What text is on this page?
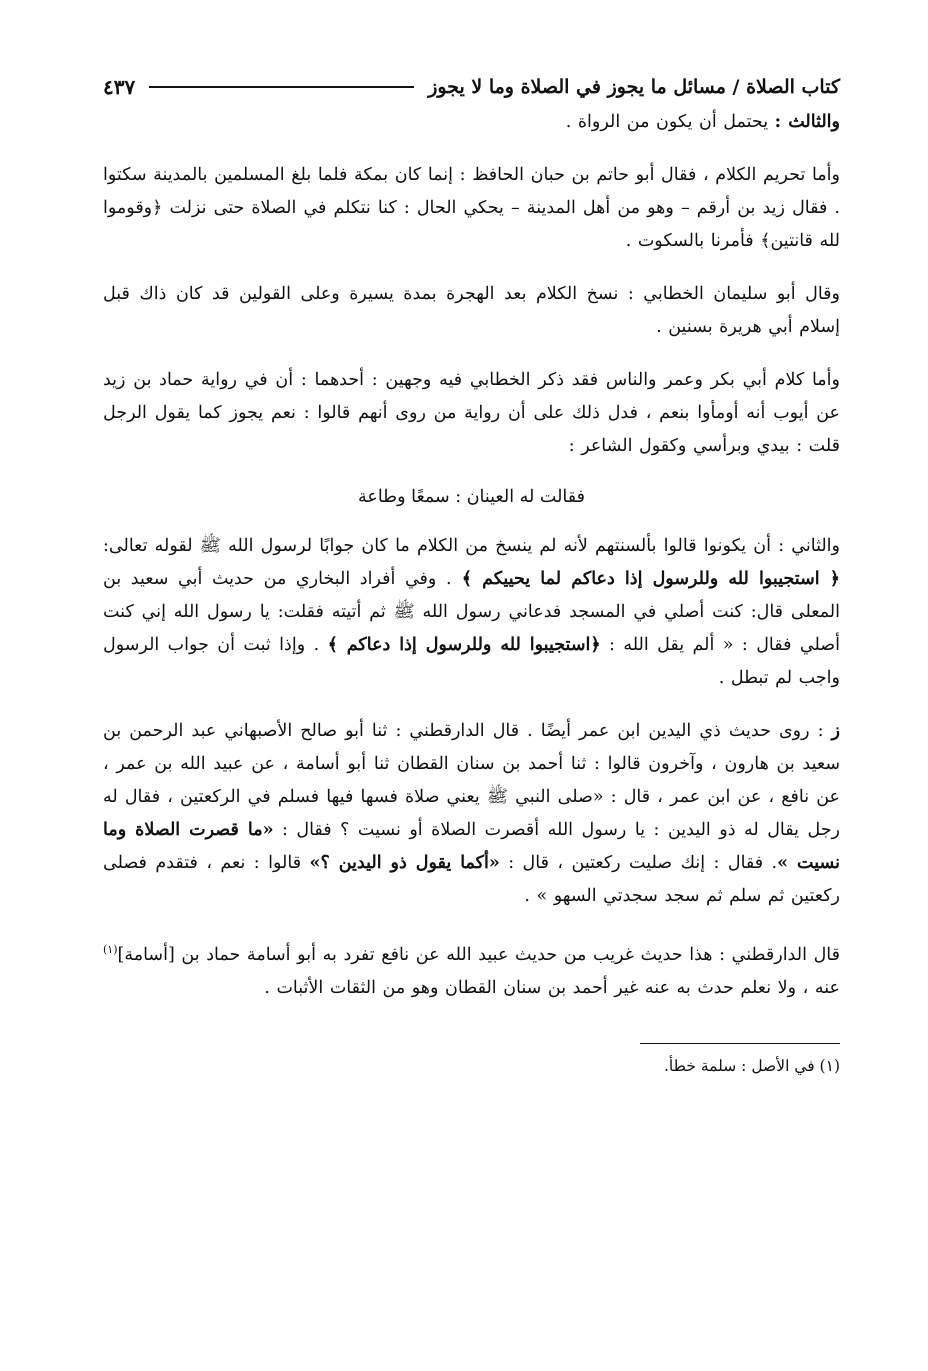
كتاب الصلاة / مسائل ما يجوز في الصلاة وما لا يجوز
٤٣٧

والثالث : يحتمل أن يكون من الرواة .

وأما تحريم الكلام ، فقال أبو حاتم بن حبان الحافظ : إنما كان بمكة فلما بلغ المسلمين بالمدينة سكتوا . فقال زيد بن أرقم – وهو من أهل المدينة – يحكي الحال : كنا نتكلم في الصلاة حتى نزلت ﴿وقوموا لله قانتين﴾ فأمرنا بالسكوت .

وقال أبو سليمان الخطابي : نسخ الكلام بعد الهجرة بمدة يسيرة وعلى القولين قد كان ذاك قبل إسلام أبي هريرة بسنين .

وأما كلام أبي بكر وعمر والناس فقد ذكر الخطابي فيه وجهين : أحدهما : أن في رواية حماد بن زيد عن أيوب أنه أومأوا بنعم ، فدل ذلك على أن رواية من روى أنهم قالوا : نعم يجوز كما يقول الرجل قلت : بيدي وبرأسي وكقول الشاعر :

فقالت له العينان : سمعًا وطاعة

والثاني : أن يكونوا قالوا بألسنتهم لأنه لم ينسخ من الكلام ما كان جوابًا لرسول الله ﷺ لقوله تعالى: ﴿ استجيبوا لله وللرسول إذا دعاكم لما يحييكم ﴾ . وفي أفراد البخاري من حديث أبي سعيد بن المعلى قال: كنت أصلي في المسجد فدعاني رسول الله ﷺ ثم أتيته فقلت: يا رسول الله إني كنت أصلي فقال : « ألم يقل الله : ﴿استجيبوا لله وللرسول إذا دعاكم ﴾ . وإذا ثبت أن جواب الرسول واجب لم تبطل .

ز : روى حديث ذي اليدين ابن عمر أيضًا . قال الدارقطني : ثنا أبو صالح الأصبهاني عبد الرحمن بن سعيد بن هارون ، وآخرون قالوا : ثنا أحمد بن سنان القطان ثنا أبو أسامة ، عن عبيد الله بن عمر ، عن نافع ، عن ابن عمر ، قال : «صلى النبي ﷺ يعني صلاة فسها فيها فسلم في الركعتين ، فقال له رجل يقال له ذو اليدين : يا رسول الله أقصرت الصلاة أو نسيت ؟ فقال : «ما قصرت الصلاة وما نسيت ». فقال : إنك صليت ركعتين ، قال : «أكما يقول ذو اليدين ؟» قالوا : نعم ، فتقدم فصلى ركعتين ثم سلم ثم سجد سجدتي السهو » .

قال الدارقطني : هذا حديث غريب من حديث عبيد الله عن نافع تفرد به أبو أسامة حماد بن [أسامة]$^{(١)}$ عنه ، ولا نعلم حدث به عنه غير أحمد بن سنان القطان وهو من الثقات الأثبات .

(١) في الأصل : سلمة خطأ.
